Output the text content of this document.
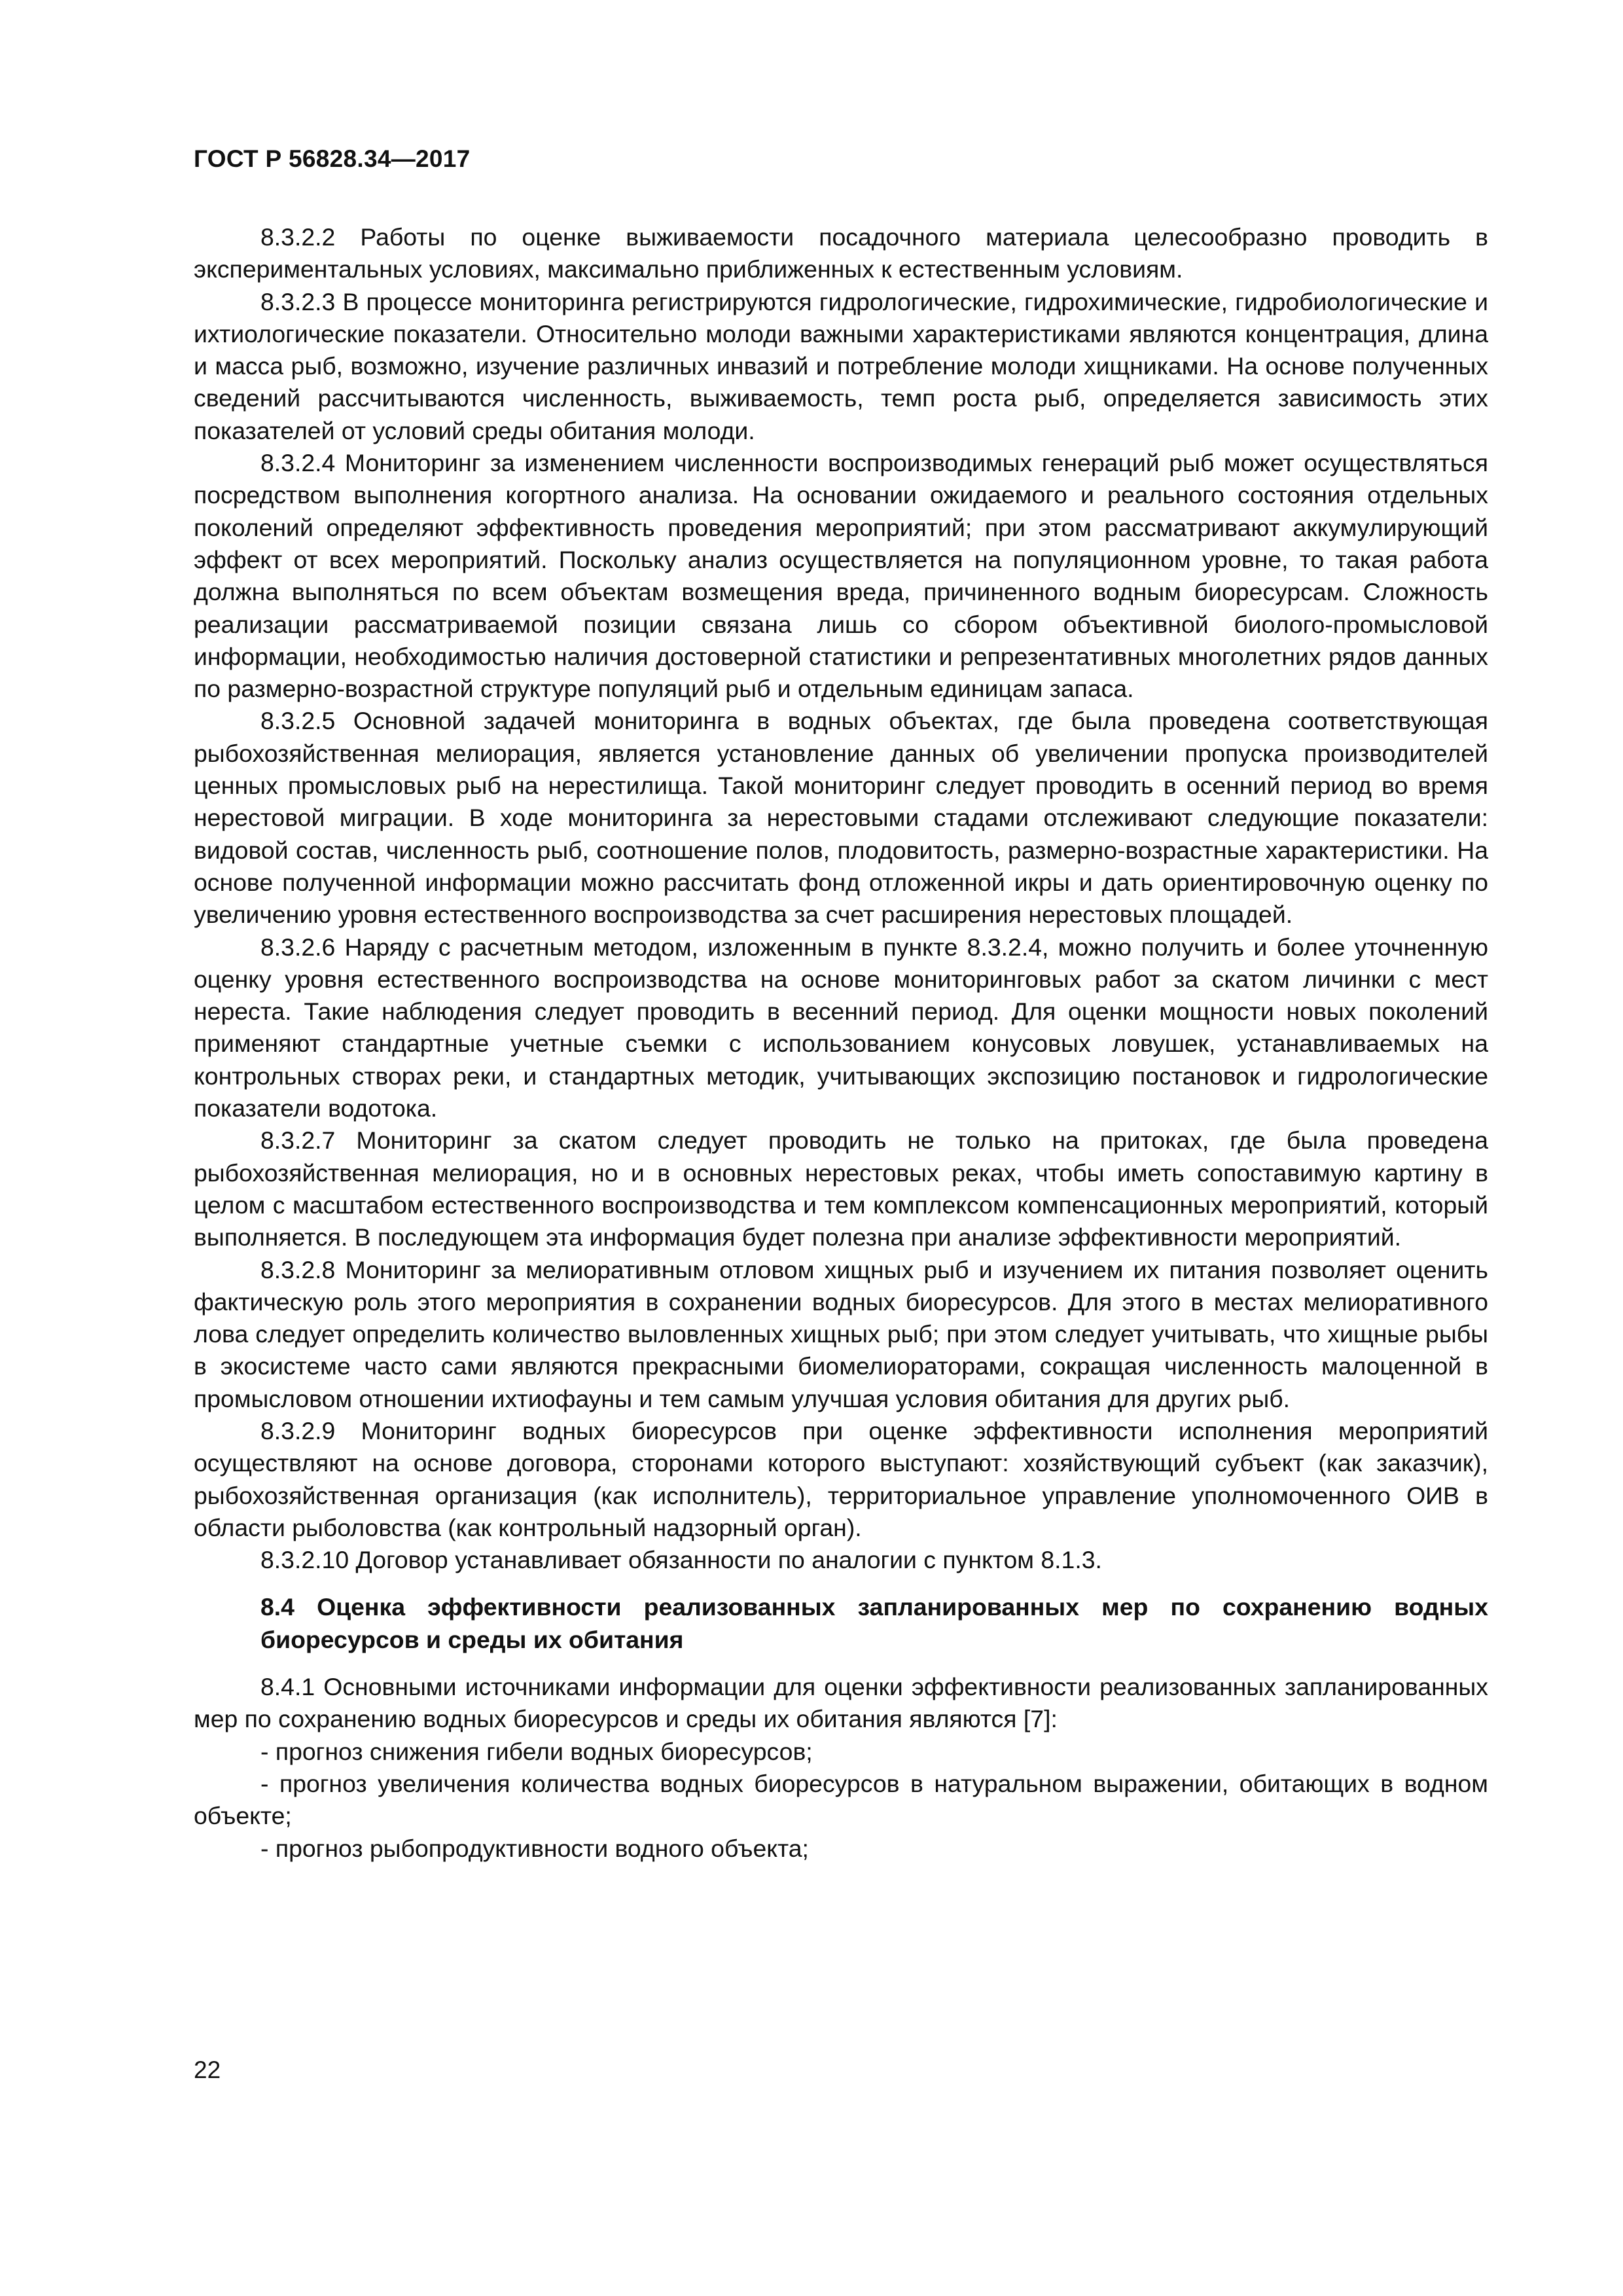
ГОСТ Р 56828.34—2017

8.3.2.2 Работы по оценке выживаемости посадочного материала целесообразно проводить в экспериментальных условиях, максимально приближенных к естественным условиям.

8.3.2.3 В процессе мониторинга регистрируются гидрологические, гидрохимические, гидробиологические и ихтиологические показатели. Относительно молоди важными характеристиками являются концентрация, длина и масса рыб, возможно, изучение различных инвазий и потребление молоди хищниками. На основе полученных сведений рассчитываются численность, выживаемость, темп роста рыб, определяется зависимость этих показателей от условий среды обитания молоди.

8.3.2.4 Мониторинг за изменением численности воспроизводимых генераций рыб может осуществляться посредством выполнения когортного анализа. На основании ожидаемого и реального состояния отдельных поколений определяют эффективность проведения мероприятий; при этом рассматривают аккумулирующий эффект от всех мероприятий. Поскольку анализ осуществляется на популяционном уровне, то такая работа должна выполняться по всем объектам возмещения вреда, причиненного водным биоресурсам. Сложность реализации рассматриваемой позиции связана лишь со сбором объективной биолого-промысловой информации, необходимостью наличия достоверной статистики и репрезентативных многолетних рядов данных по размерно-возрастной структуре популяций рыб и отдельным единицам запаса.

8.3.2.5 Основной задачей мониторинга в водных объектах, где была проведена соответствующая рыбохозяйственная мелиорация, является установление данных об увеличении пропуска производителей ценных промысловых рыб на нерестилища. Такой мониторинг следует проводить в осенний период во время нерестовой миграции. В ходе мониторинга за нерестовыми стадами отслеживают следующие показатели: видовой состав, численность рыб, соотношение полов, плодовитость, размерно-возрастные характеристики. На основе полученной информации можно рассчитать фонд отложенной икры и дать ориентировочную оценку по увеличению уровня естественного воспроизводства за счет расширения нерестовых площадей.

8.3.2.6 Наряду с расчетным методом, изложенным в пункте 8.3.2.4, можно получить и более уточненную оценку уровня естественного воспроизводства на основе мониторинговых работ за скатом личинки с мест нереста. Такие наблюдения следует проводить в весенний период. Для оценки мощности новых поколений применяют стандартные учетные съемки с использованием конусовых ловушек, устанавливаемых на контрольных створах реки, и стандартных методик, учитывающих экспозицию постановок и гидрологические показатели водотока.

8.3.2.7 Мониторинг за скатом следует проводить не только на притоках, где была проведена рыбохозяйственная мелиорация, но и в основных нерестовых реках, чтобы иметь сопоставимую картину в целом с масштабом естественного воспроизводства и тем комплексом компенсационных мероприятий, который выполняется. В последующем эта информация будет полезна при анализе эффективности мероприятий.

8.3.2.8 Мониторинг за мелиоративным отловом хищных рыб и изучением их питания позволяет оценить фактическую роль этого мероприятия в сохранении водных биоресурсов. Для этого в местах мелиоративного лова следует определить количество выловленных хищных рыб; при этом следует учитывать, что хищные рыбы в экосистеме часто сами являются прекрасными биомелиораторами, сокращая численность малоценной в промысловом отношении ихтиофауны и тем самым улучшая условия обитания для других рыб.

8.3.2.9 Мониторинг водных биоресурсов при оценке эффективности исполнения мероприятий осуществляют на основе договора, сторонами которого выступают: хозяйствующий субъект (как заказчик), рыбохозяйственная организация (как исполнитель), территориальное управление уполномоченного ОИВ в области рыболовства (как контрольный надзорный орган).

8.3.2.10 Договор устанавливает обязанности по аналогии с пунктом 8.1.3.

8.4 Оценка эффективности реализованных запланированных мер по сохранению водных биоресурсов и среды их обитания

8.4.1 Основными источниками информации для оценки эффективности реализованных запланированных мер по сохранению водных биоресурсов и среды их обитания являются [7]:

- прогноз снижения гибели водных биоресурсов;
- прогноз увеличения количества водных биоресурсов в натуральном выражении, обитающих в водном объекте;
- прогноз рыбопродуктивности водного объекта;
22
